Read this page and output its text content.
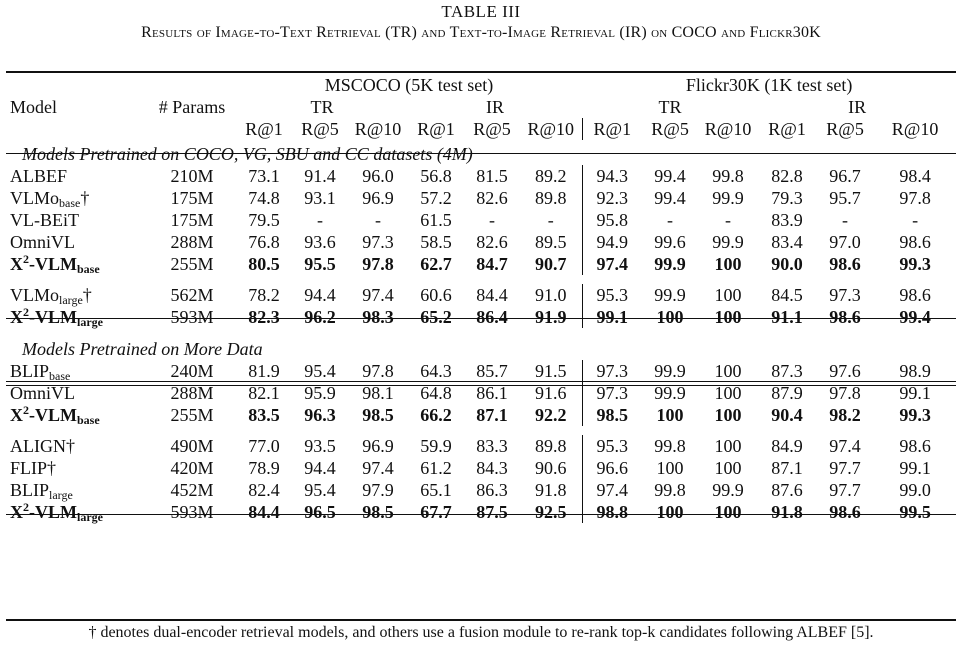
TABLE III
Results of Image-to-Text Retrieval (TR) and Text-to-Image Retrieval (IR) on COCO and Flickr30K
		MSCOCO (5K test set)						Flickr30K (1K test set)					
Model	# Params	TR			IR			TR			IR		
		R@1	R@5	R@10	R@1	R@5	R@10	R@1	R@5	R@10	R@1	R@5	R@10

Models Pretrained on COCO, VG, SBU and CC datasets (4M)													
ALBEF	210M	73.1	91.4	96.0	56.8	81.5	89.2	94.3	99.4	99.8	82.8	96.7	98.4
VLMo$_{base}$†	175M	74.8	93.1	96.9	57.2	82.6	89.8	92.3	99.4	99.9	79.3	95.7	97.8
VL-BEiT	175M	79.5	-	-	61.5	-	-	95.8	-	-	83.9	-	-
OmniVL	288M	76.8	93.6	97.3	58.5	82.6	89.5	94.9	99.6	99.9	83.4	97.0	98.6
$X^2-VLM_{base}$	255M	80.5	95.5	97.8	62.7	84.7	90.7	97.4	99.9	100	90.0	98.6	99.3

VLMo$_{large}$†	562M	78.2	94.4	97.4	60.6	84.4	91.0	95.3	99.9	100	84.5	97.3	98.6
$X^2-VLM_{large}$	593M	82.3	96.2	98.3	65.2	86.4	91.9	99.1	100	100	91.1	98.6	99.4

Models Pretrained on More Data													
$BLIP_{base}$	240M	81.9	95.4	97.8	64.3	85.7	91.5	97.3	99.9	100	87.3	97.6	98.9
OmniVL	288M	82.1	95.9	98.1	64.8	86.1	91.6	97.3	99.9	100	87.9	97.8	99.1
$X^2-VLM_{base}$	255M	83.5	96.3	98.5	66.2	87.1	92.2	98.5	100	100	90.4	98.2	99.3

ALIGN†	490M	77.0	93.5	96.9	59.9	83.3	89.8	95.3	99.8	100	84.9	97.4	98.6
FLIP†	420M	78.9	94.4	97.4	61.2	84.3	90.6	96.6	100	100	87.1	97.7	99.1
$BLIP_{large}$	452M	82.4	95.4	97.9	65.1	86.3	91.8	97.4	99.8	99.9	87.6	97.7	99.0
$X^2-VLM_{large}$	593M	84.4	96.5	98.5	67.7	87.5	92.5	98.8	100	100	91.8	98.6	99.5
† denotes dual-encoder retrieval models, and others use a fusion module to re-rank top-k candidates following ALBEF [5].
